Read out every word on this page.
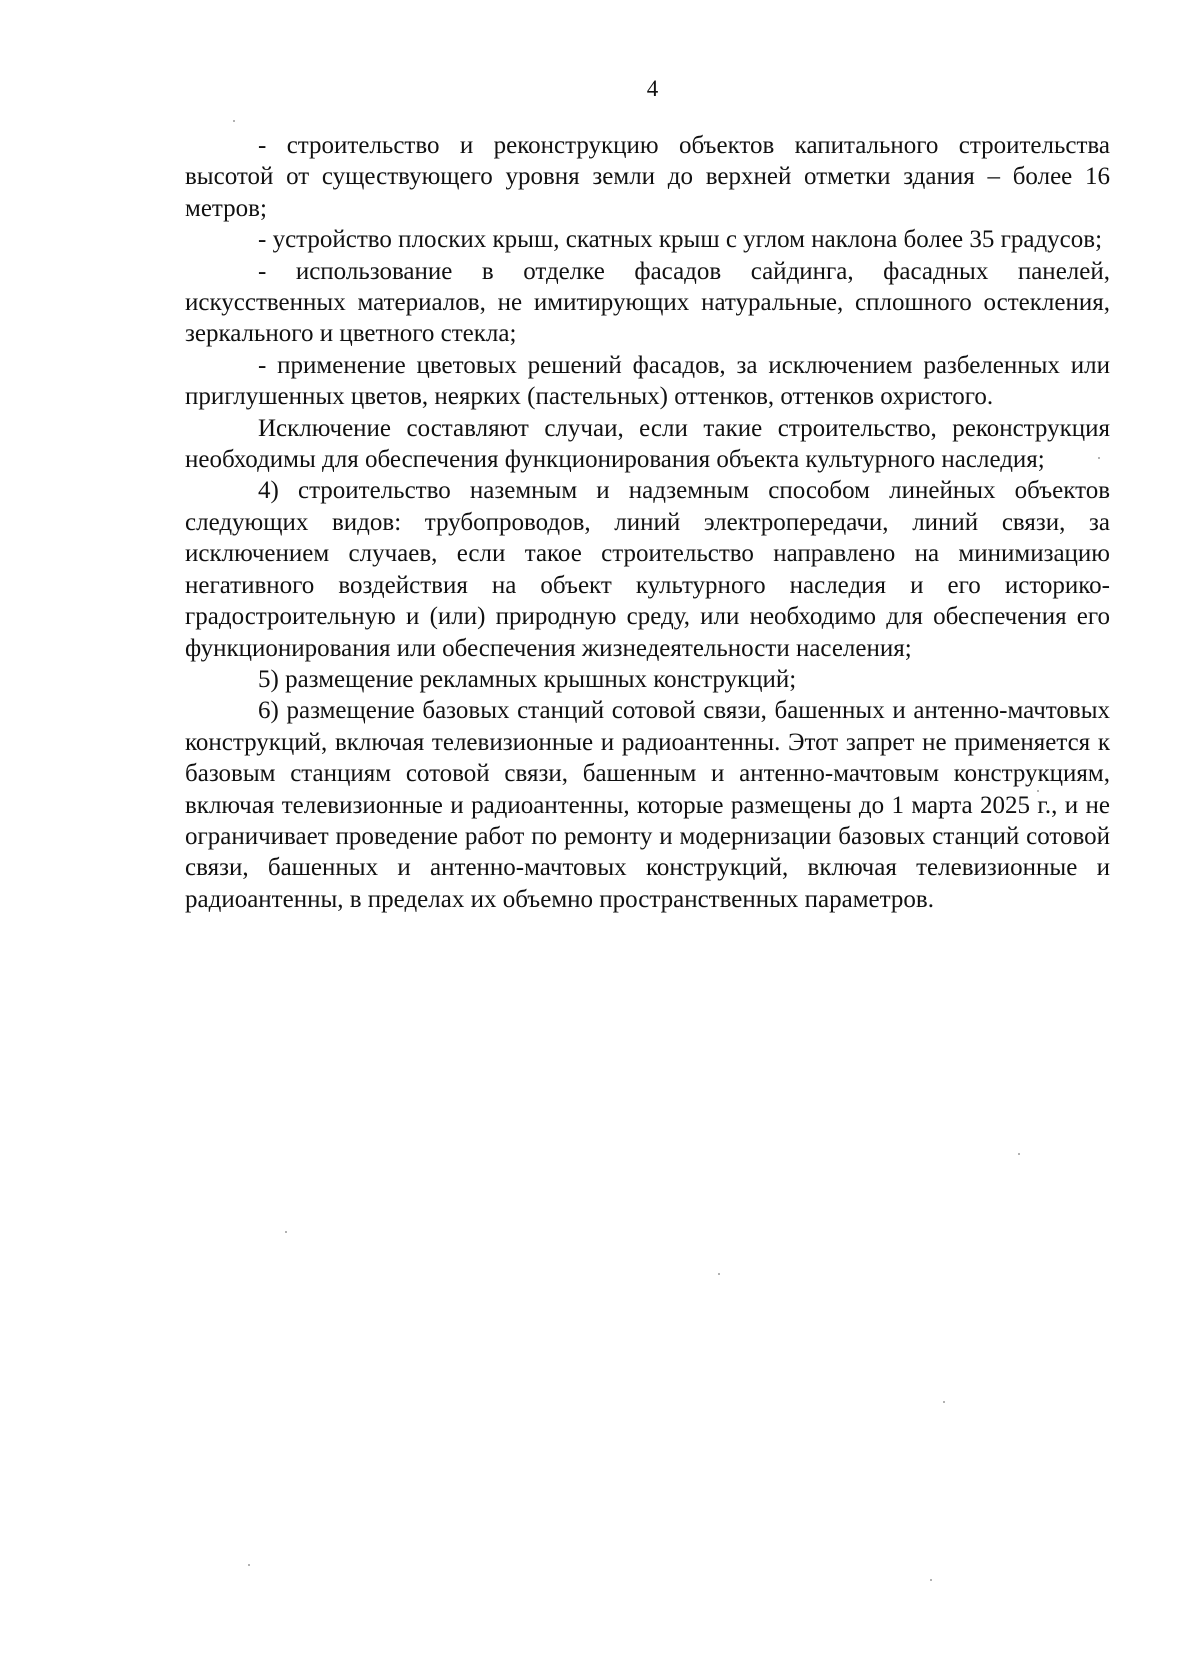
4

- строительство и реконструкцию объектов капитального строительства высотой от существующего уровня земли до верхней отметки здания – более 16 метров;

- устройство плоских крыш, скатных крыш с углом наклона более 35 градусов;

- использование в отделке фасадов сайдинга, фасадных панелей, искусственных материалов, не имитирующих натуральные, сплошного остекления, зеркального и цветного стекла;

- применение цветовых решений фасадов, за исключением разбеленных или приглушенных цветов, неярких (пастельных) оттенков, оттенков охристого.

Исключение составляют случаи, если такие строительство, реконструкция необходимы для обеспечения функционирования объекта культурного наследия;

4) строительство наземным и надземным способом линейных объектов следующих видов: трубопроводов, линий электропередачи, линий связи, за исключением случаев, если такое строительство направлено на минимизацию негативного воздействия на объект культурного наследия и его историко-градостроительную и (или) природную среду, или необходимо для обеспечения его функционирования или обеспечения жизнедеятельности населения;

5) размещение рекламных крышных конструкций;

6) размещение базовых станций сотовой связи, башенных и антенно-мачтовых конструкций, включая телевизионные и радиоантенны. Этот запрет не применяется к базовым станциям сотовой связи, башенным и антенно-мачтовым конструкциям, включая телевизионные и радиоантенны, которые размещены до 1 марта 2025 г., и не ограничивает проведение работ по ремонту и модернизации базовых станций сотовой связи, башенных и антенно-мачтовых конструкций, включая телевизионные и радиоантенны, в пределах их объемно пространственных параметров.
